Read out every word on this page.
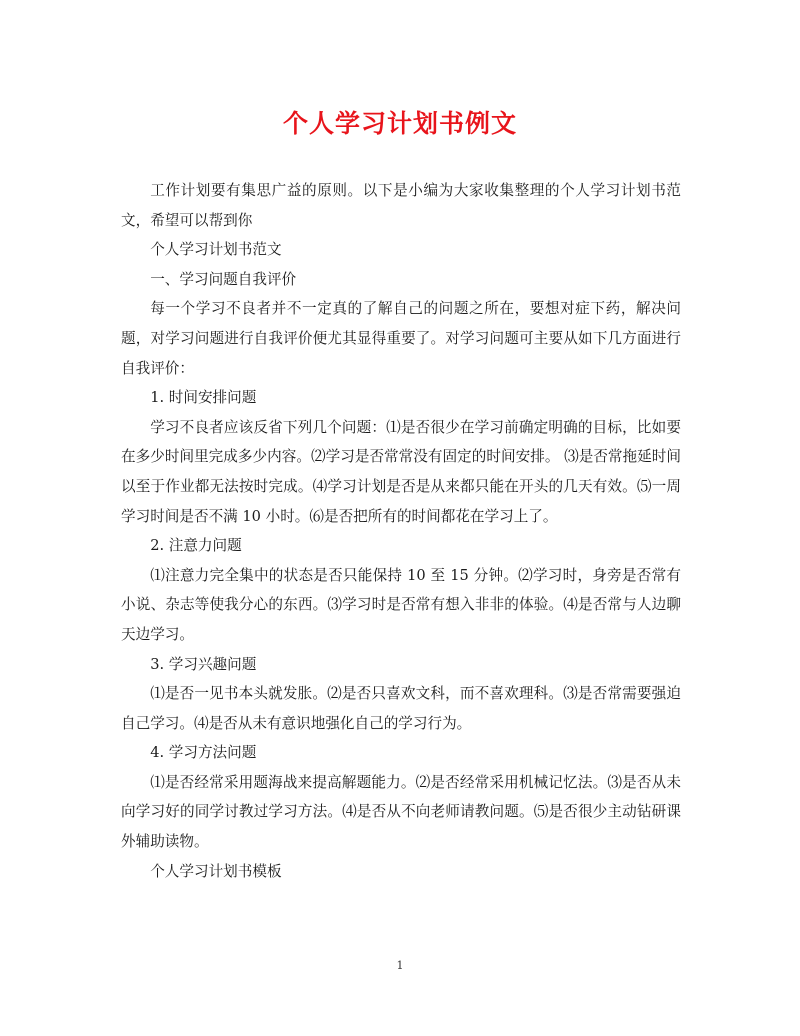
个人学习计划书例文

工作计划要有集思广益的原则。以下是小编为大家收集整理的个人学习计划书范文，希望可以帮到你

个人学习计划书范文

一、学习问题自我评价

每一个学习不良者并不一定真的了解自己的问题之所在，要想对症下药，解决问题，对学习问题进行自我评价便尤其显得重要了。对学习问题可主要从如下几方面进行自我评价：

1. 时间安排问题

学习不良者应该反省下列几个问题：⑴是否很少在学习前确定明确的目标，比如要在多少时间里完成多少内容。⑵学习是否常常没有固定的时间安排。 ⑶是否常拖延时间以至于作业都无法按时完成。⑷学习计划是否是从来都只能在开头的几天有效。⑸一周学习时间是否不满 10 小时。⑹是否把所有的时间都花在学习上了。

2. 注意力问题

⑴注意力完全集中的状态是否只能保持 10 至 15 分钟。⑵学习时，身旁是否常有小说、杂志等使我分心的东西。⑶学习时是否常有想入非非的体验。⑷是否常与人边聊天边学习。

3. 学习兴趣问题

⑴是否一见书本头就发胀。⑵是否只喜欢文科，而不喜欢理科。⑶是否常需要强迫自己学习。⑷是否从未有意识地强化自己的学习行为。

4. 学习方法问题

⑴是否经常采用题海战来提高解题能力。⑵是否经常采用机械记忆法。⑶是否从未向学习好的同学讨教过学习方法。⑷是否从不向老师请教问题。⑸是否很少主动钻研课外辅助读物。

个人学习计划书模板

1
